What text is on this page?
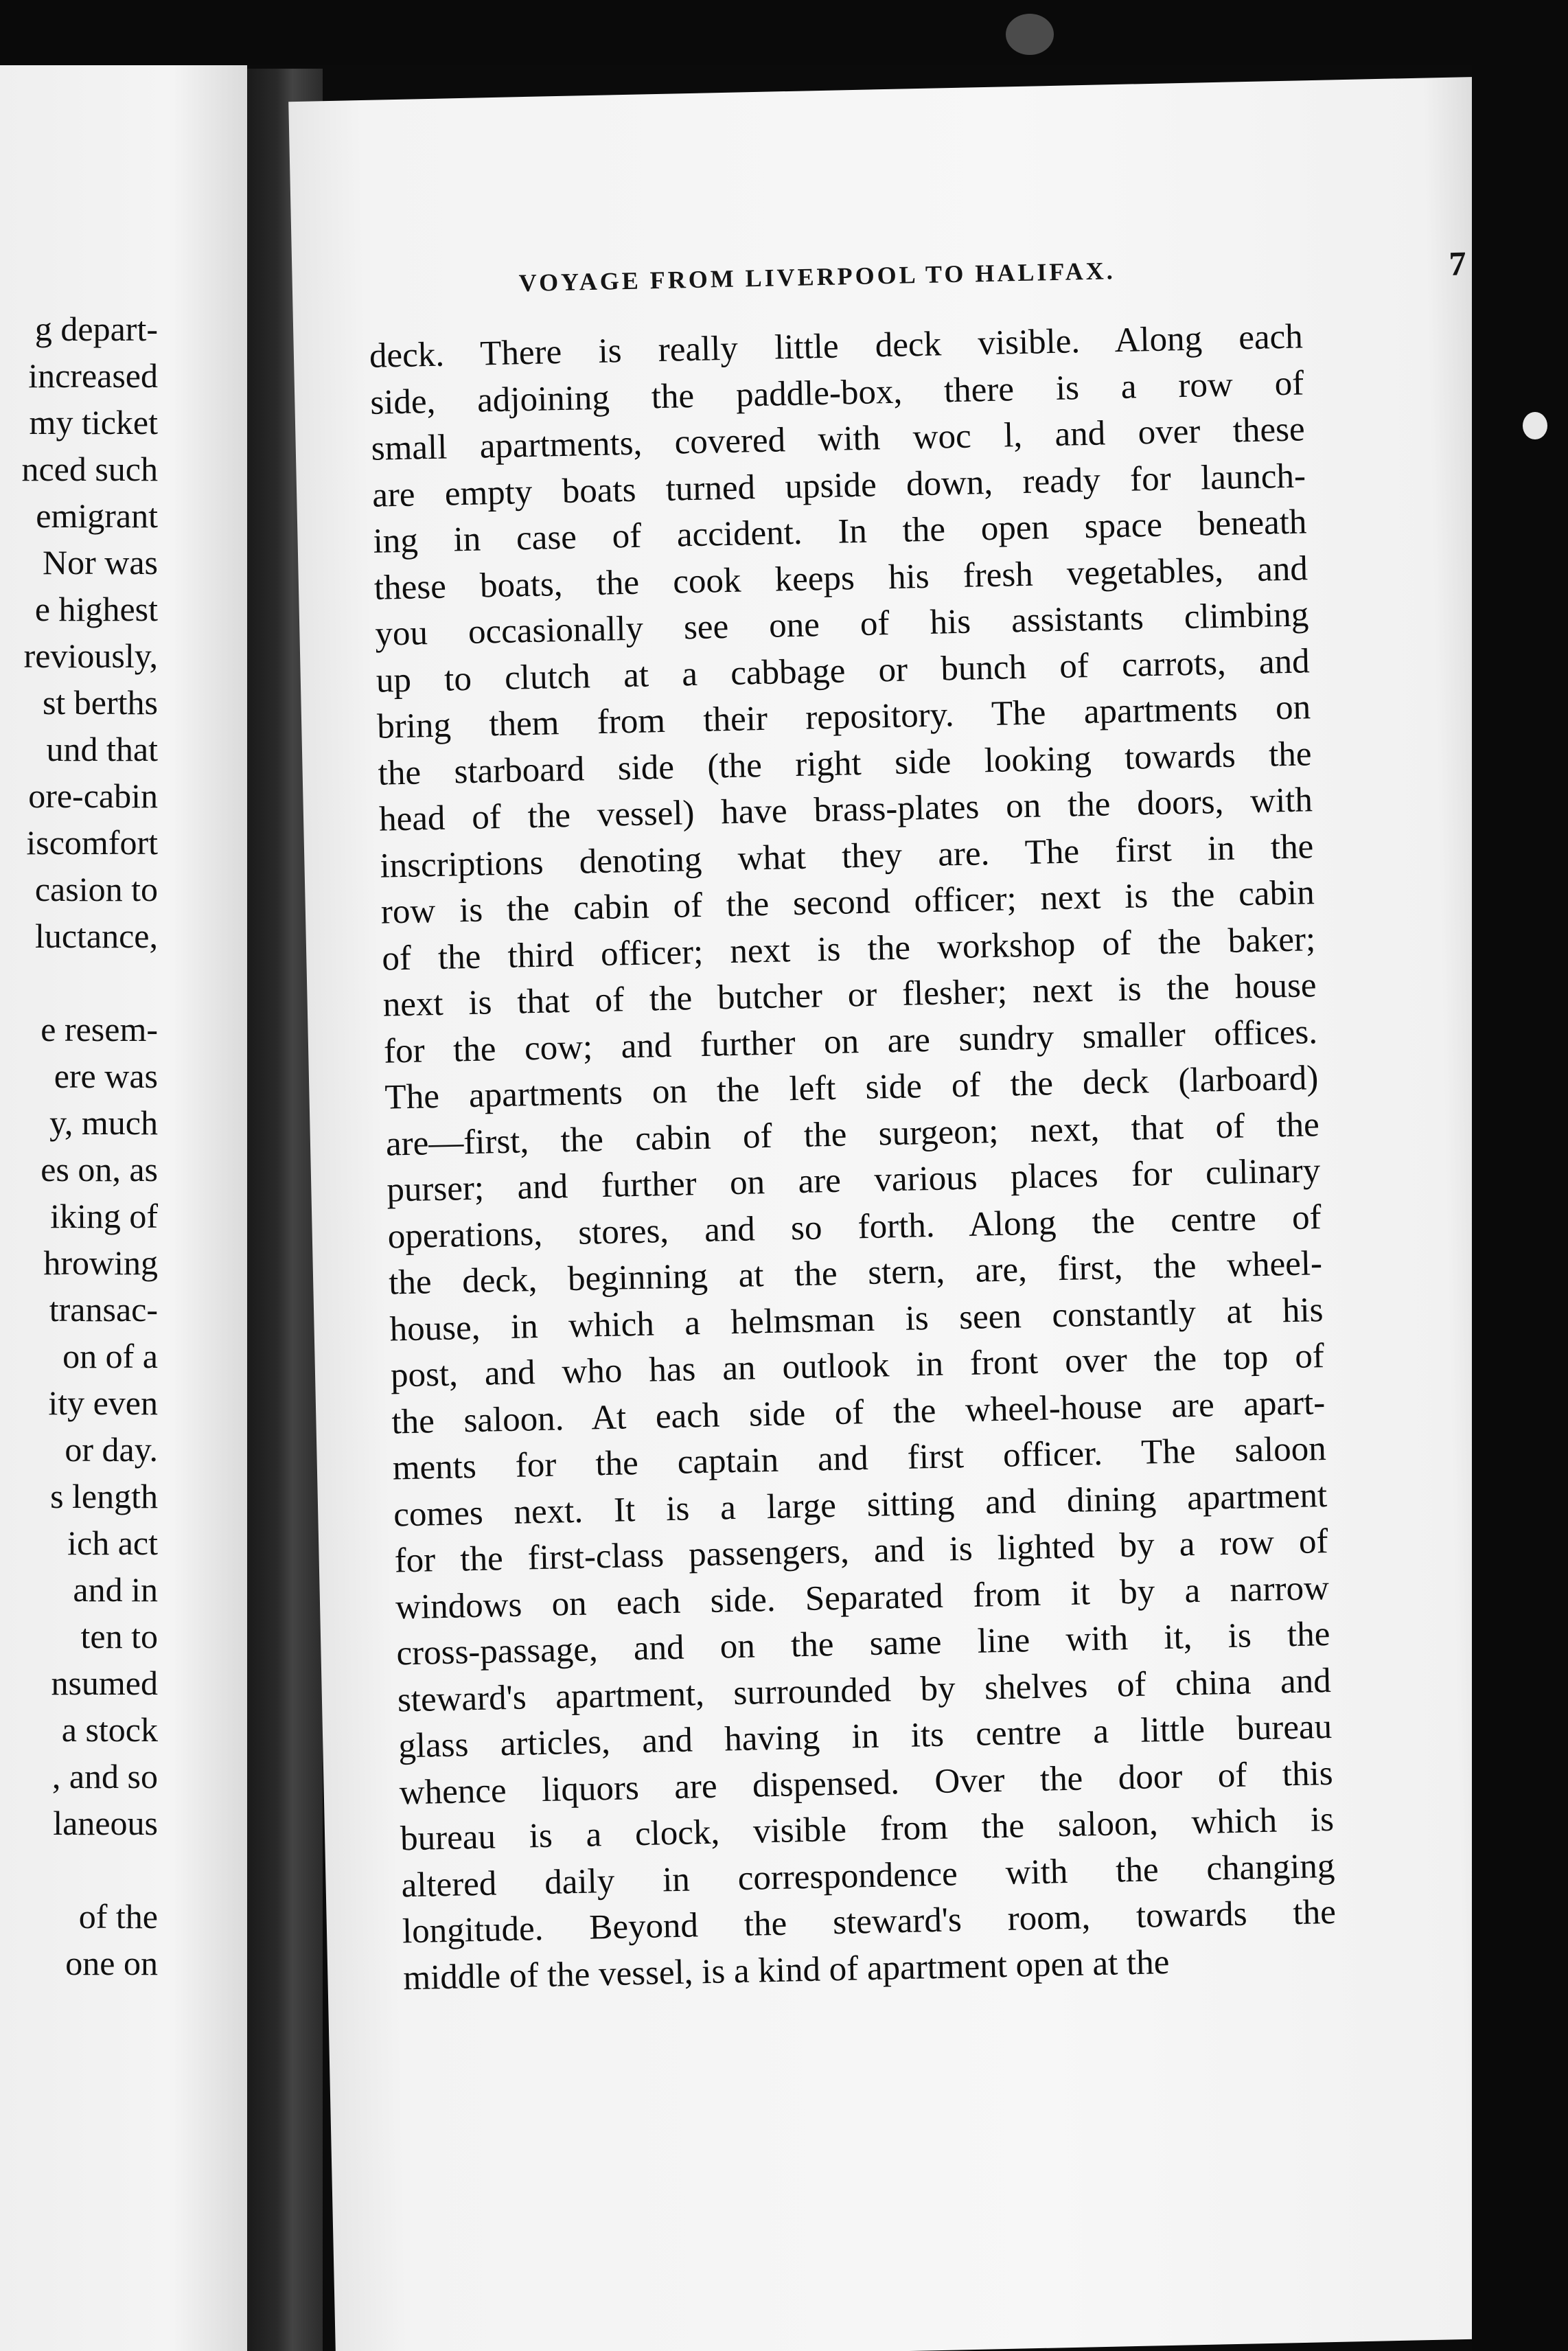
g depart-
increased
my ticket
nced such
emigrant
Nor was
e highest
reviously,
st berths
und that
ore-cabin
iscomfort
casion to
luctance,
e resem-
ere was
y, much
es on, as
iking of
hrowing
transac-
on of a
ity even
or day.
s length
ich act
and in
ten to
nsumed
a stock
, and so
laneous
of the
one on
VOYAGE FROM LIVERPOOL TO HALIFAX.	7
deck. There is really little deck visible. Along each
side, adjoining the paddle-box, there is a row of
small apartments, covered with woc l, and over these
are empty boats turned upside down, ready for launch-
ing in case of accident. In the open space beneath
these boats, the cook keeps his fresh vegetables, and
you occasionally see one of his assistants climbing
up to clutch at a cabbage or bunch of carrots, and
bring them from their repository. The apartments on
the starboard side (the right side looking towards the
head of the vessel) have brass-plates on the doors, with
inscriptions denoting what they are. The first in the
row is the cabin of the second officer; next is the cabin
of the third officer; next is the workshop of the baker;
next is that of the butcher or flesher; next is the house
for the cow; and further on are sundry smaller offices.
The apartments on the left side of the deck (larboard)
are—first, the cabin of the surgeon; next, that of the
purser; and further on are various places for culinary
operations, stores, and so forth. Along the centre of
the deck, beginning at the stern, are, first, the wheel-
house, in which a helmsman is seen constantly at his
post, and who has an outlook in front over the top of
the saloon. At each side of the wheel-house are apart-
ments for the captain and first officer. The saloon
comes next. It is a large sitting and dining apartment
for the first-class passengers, and is lighted by a row of
windows on each side. Separated from it by a narrow
cross-passage, and on the same line with it, is the
steward's apartment, surrounded by shelves of china and
glass articles, and having in its centre a little bureau
whence liquors are dispensed. Over the door of this
bureau is a clock, visible from the saloon, which is
altered daily in correspondence with the changing
longitude. Beyond the steward's room, towards the
middle of the vessel, is a kind of apartment open at the
